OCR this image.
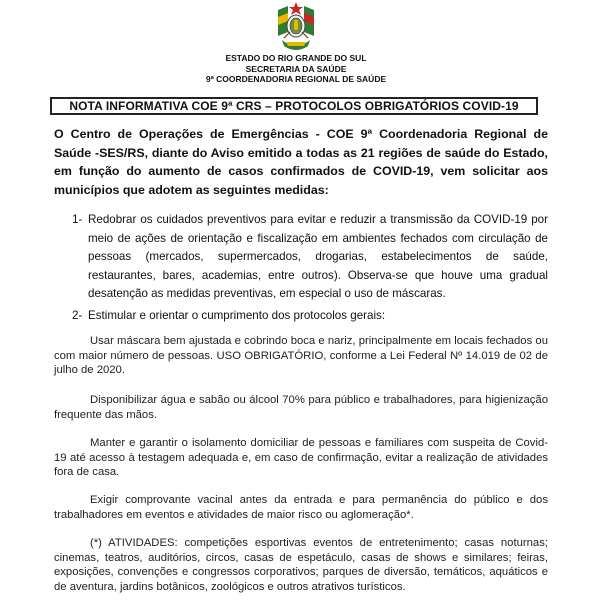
ESTADO DO RIO GRANDE DO SUL
SECRETARIA DA SAÚDE
9ª COORDENADORIA REGIONAL DE SAÚDE
NOTA INFORMATIVA COE 9ª CRS – PROTOCOLOS OBRIGATÓRIOS COVID-19
O Centro de Operações de Emergências - COE 9ª Coordenadoria Regional de Saúde -SES/RS, diante do Aviso emitido a todas as 21 regiões de saúde do Estado, em função do aumento de casos confirmados de COVID-19, vem solicitar aos municípios que adotem as seguintes medidas:
1- Redobrar os cuidados preventivos para evitar e reduzir a transmissão da COVID-19 por meio de ações de orientação e fiscalização em ambientes fechados com circulação de pessoas (mercados, supermercados, drogarias, estabelecimentos de saúde, restaurantes, bares, academias, entre outros). Observa-se que houve uma gradual desatenção as medidas preventivas, em especial o uso de máscaras.
2- Estimular e orientar o cumprimento dos protocolos gerais:
Usar máscara bem ajustada e cobrindo boca e nariz, principalmente em locais fechados ou com maior número de pessoas. USO OBRIGATÓRIO, conforme a Lei Federal Nº 14.019 de 02 de julho de 2020.
Disponibilizar água e sabão ou álcool 70% para público e trabalhadores, para higienização frequente das mãos.
Manter e garantir o isolamento domiciliar de pessoas e familiares com suspeita de Covid-19 até acesso à testagem adequada e, em caso de confirmação, evitar a realização de atividades fora de casa.
Exigir comprovante vacinal antes da entrada e para permanência do público e dos trabalhadores em eventos e atividades de maior risco ou aglomeração*.
(*) ATIVIDADES: competições esportivas eventos de entretenimento; casas noturnas; cinemas, teatros, auditórios, circos, casas de espetáculo, casas de shows e similares; feiras, exposições, convenções e congressos corporativos; parques de diversão, temáticos, aquáticos e de aventura, jardins botânicos, zoológicos e outros atrativos turísticos.
